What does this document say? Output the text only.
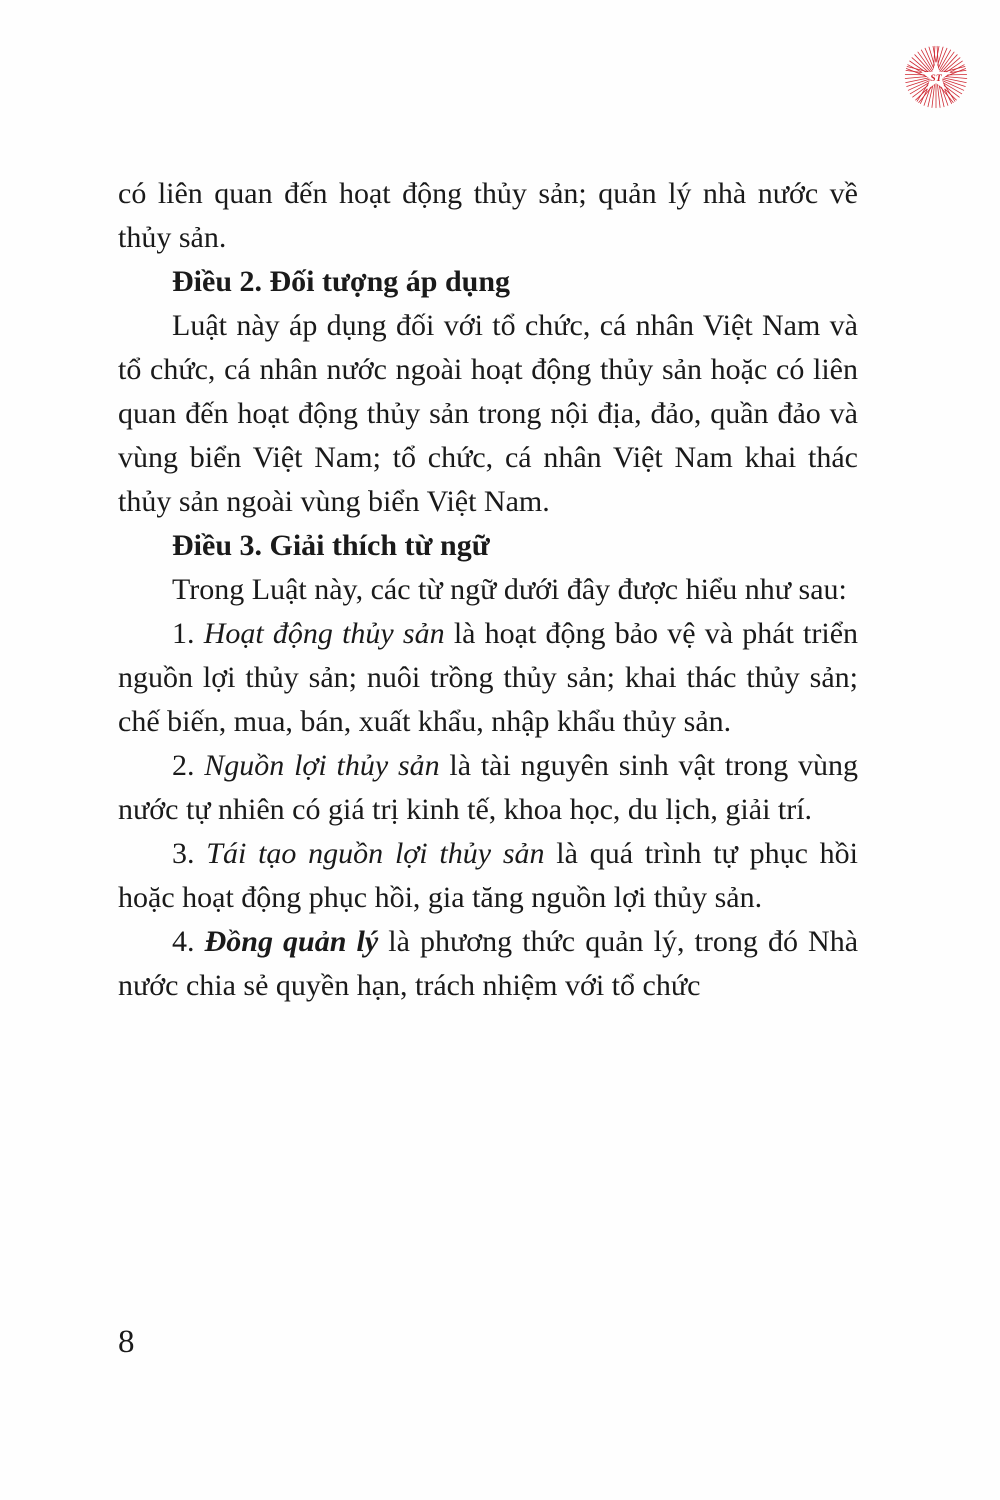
ST

có liên quan đến hoạt động thủy sản; quản lý nhà nước về thủy sản.

Điều 2. Đối tượng áp dụng

Luật này áp dụng đối với tổ chức, cá nhân Việt Nam và tổ chức, cá nhân nước ngoài hoạt động thủy sản hoặc có liên quan đến hoạt động thủy sản trong nội địa, đảo, quần đảo và vùng biển Việt Nam; tổ chức, cá nhân Việt Nam khai thác thủy sản ngoài vùng biển Việt Nam.

Điều 3. Giải thích từ ngữ

Trong Luật này, các từ ngữ dưới đây được hiểu như sau:

1. Hoạt động thủy sản là hoạt động bảo vệ và phát triển nguồn lợi thủy sản; nuôi trồng thủy sản; khai thác thủy sản; chế biến, mua, bán, xuất khẩu, nhập khẩu thủy sản.

2. Nguồn lợi thủy sản là tài nguyên sinh vật trong vùng nước tự nhiên có giá trị kinh tế, khoa học, du lịch, giải trí.

3. Tái tạo nguồn lợi thủy sản là quá trình tự phục hồi hoặc hoạt động phục hồi, gia tăng nguồn lợi thủy sản.

4. Đồng quản lý là phương thức quản lý, trong đó Nhà nước chia sẻ quyền hạn, trách nhiệm với tổ chức

8
